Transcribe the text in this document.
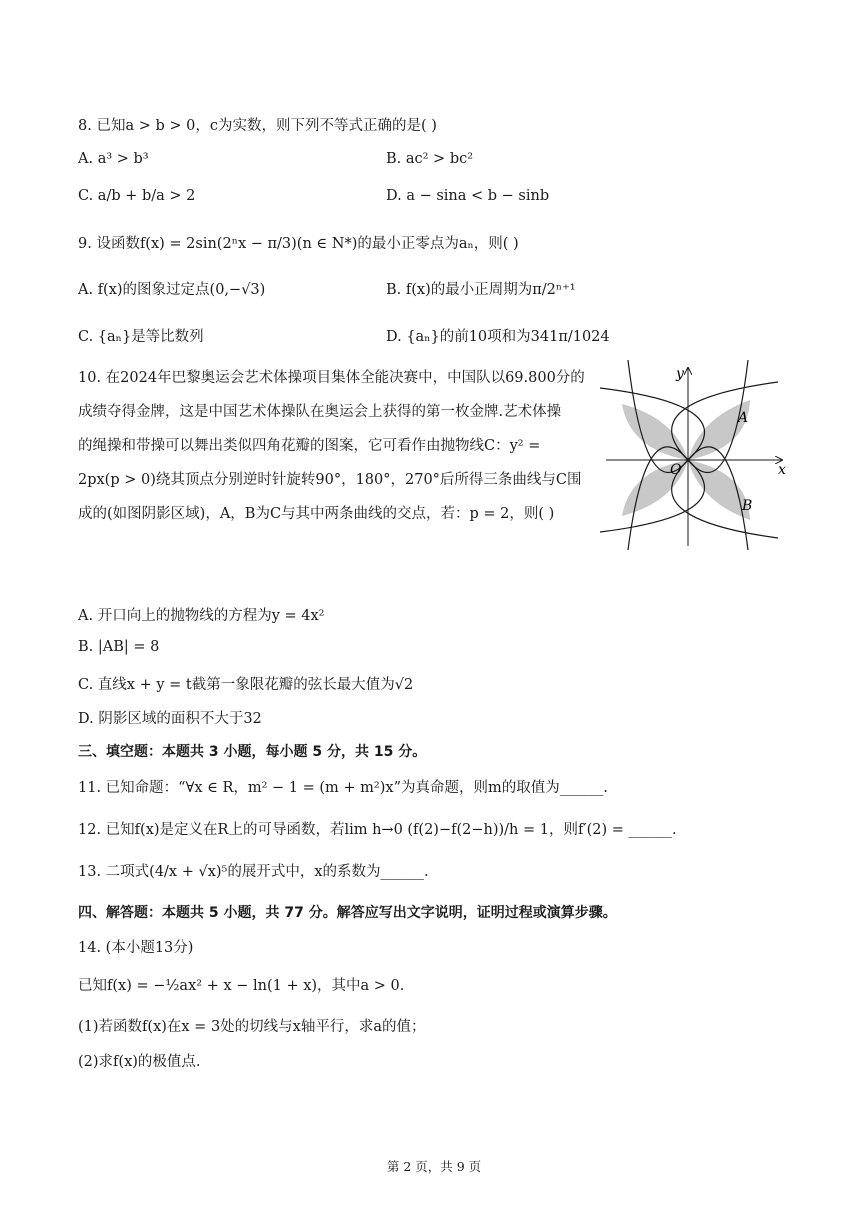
8. 已知a > b > 0，c为实数，则下列不等式正确的是( )
A. a³ > b³	B. ac² > bc²
C. a/b + b/a > 2	D. a − sina < b − sinb
9. 设函数f(x) = 2sin(2ⁿx − π/3)(n ∈ N*)的最小正零点为aₙ，则( )
A. f(x)的图象过定点(0,−√3)	B. f(x)的最小正周期为π/2ⁿ⁺¹
C. {aₙ}是等比数列	D. {aₙ}的前10项和为341π/1024
10. 在2024年巴黎奥运会艺术体操项目集体全能决赛中，中国队以69.800分的
成绩夺得金牌，这是中国艺术体操队在奥运会上获得的第一枚金牌.艺术体操
的绳操和带操可以舞出类似四角花瓣的图案，它可看作由抛物线C：y² =
2px(p > 0)绕其顶点分别逆时针旋转90°，180°，270°后所得三条曲线与C围
成的(如图阴影区域)，A，B为C与其中两条曲线的交点，若：p = 2，则( )
x
y
O
A
B
A. 开口向上的抛物线的方程为y = 4x²
B. |AB| = 8
C. 直线x + y = t截第一象限花瓣的弦长最大值为√2
D. 阴影区域的面积不大于32
三、填空题：本题共 3 小题，每小题 5 分，共 15 分。
11. 已知命题：“∀x ∈ R，m² − 1 = (m + m²)x”为真命题，则m的取值为______.
12. 已知f(x)是定义在R上的可导函数，若lim h→0 (f(2)−f(2−h))/h = 1，则f′(2) = ______.
13. 二项式(4/x + √x)⁵的展开式中，x的系数为______.
四、解答题：本题共 5 小题，共 77 分。解答应写出文字说明，证明过程或演算步骤。
14. (本小题13分)
已知f(x) = −½ax² + x − ln(1 + x)，其中a > 0.
(1)若函数f(x)在x = 3处的切线与x轴平行，求a的值；
(2)求f(x)的极值点.
第 2 页，共 9 页
